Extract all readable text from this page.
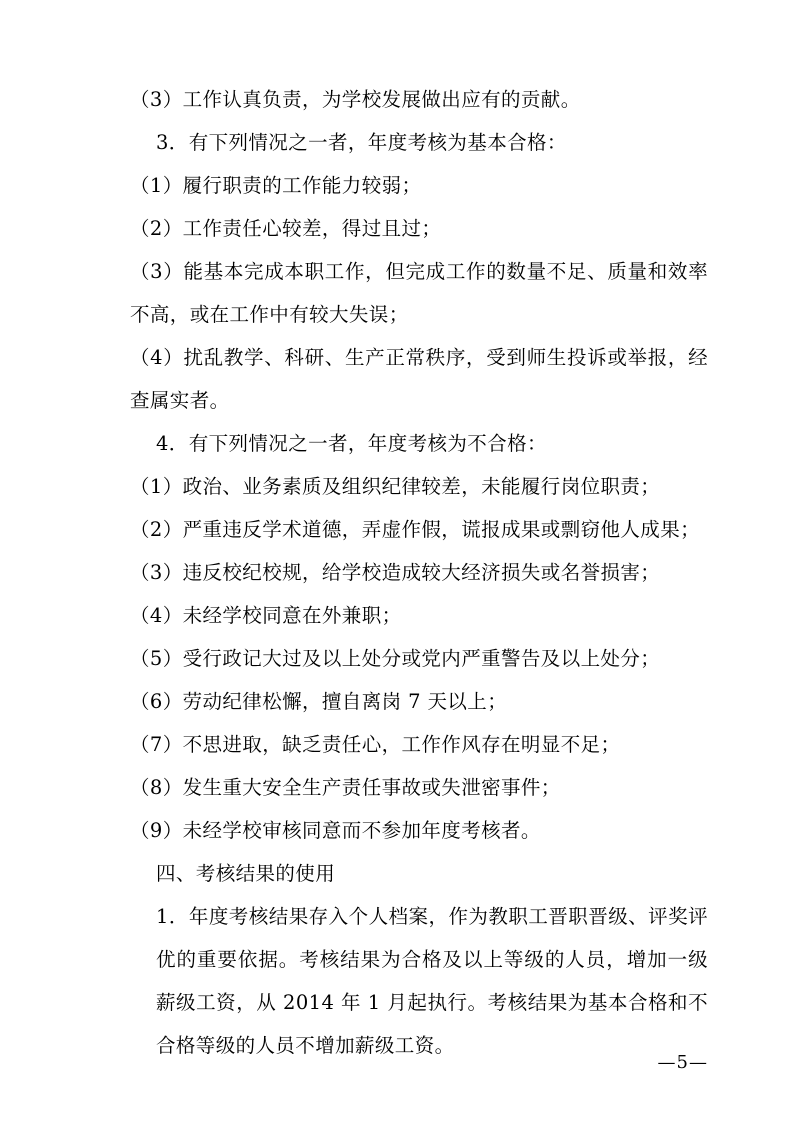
（3）工作认真负责，为学校发展做出应有的贡献。

3．有下列情况之一者，年度考核为基本合格：

（1）履行职责的工作能力较弱；

（2）工作责任心较差，得过且过；

（3）能基本完成本职工作，但完成工作的数量不足、质量和效率不高，或在工作中有较大失误；

（4）扰乱教学、科研、生产正常秩序，受到师生投诉或举报，经查属实者。

4．有下列情况之一者，年度考核为不合格：

（1）政治、业务素质及组织纪律较差，未能履行岗位职责；

（2）严重违反学术道德，弄虚作假，谎报成果或剽窃他人成果；

（3）违反校纪校规，给学校造成较大经济损失或名誉损害；

（4）未经学校同意在外兼职；

（5）受行政记大过及以上处分或党内严重警告及以上处分；

（6）劳动纪律松懈，擅自离岗 7 天以上；

（7）不思进取，缺乏责任心，工作作风存在明显不足；

（8）发生重大安全生产责任事故或失泄密事件；

（9）未经学校审核同意而不参加年度考核者。

四、考核结果的使用

1．年度考核结果存入个人档案，作为教职工晋职晋级、评奖评优的重要依据。考核结果为合格及以上等级的人员，增加一级薪级工资，从 2014 年 1 月起执行。考核结果为基本合格和不合格等级的人员不增加薪级工资。

—5—
